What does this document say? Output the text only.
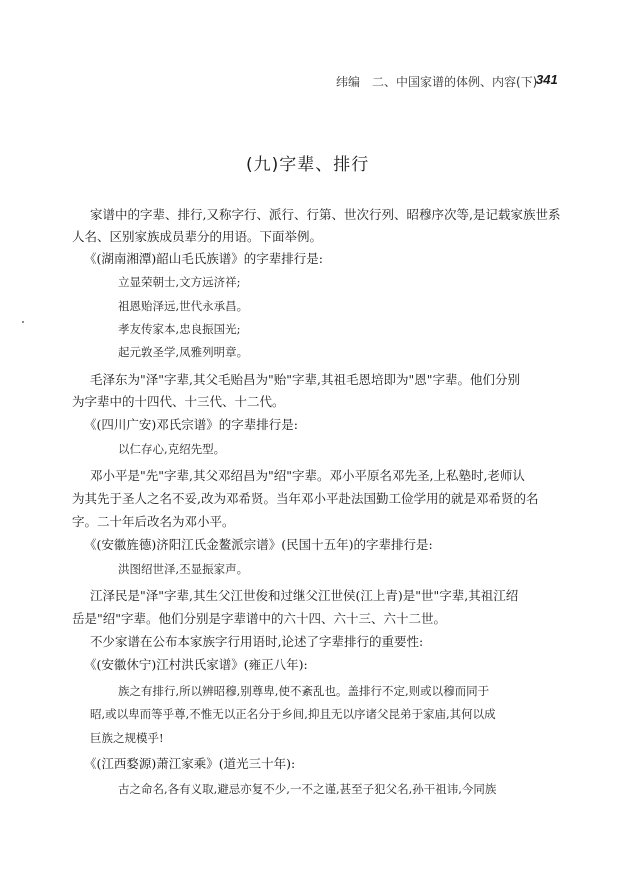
纬编　二、中国家谱的体例、内容(下)
341
(九)字辈、排行
家谱中的字辈、排行,又称字行、派行、行第、世次行列、昭穆序次等,是记载家族世系
人名、区别家族成员辈分的用语。下面举例。
《(湖南湘潭)韶山毛氏族谱》的字辈排行是:
立显荣朝士,文方远济祥;
祖恩贻泽远,世代永承昌。
孝友传家本,忠良振国光;
起元敦圣学,凤雅列明章。
毛泽东为"泽"字辈,其父毛贻昌为"贻"字辈,其祖毛恩培即为"恩"字辈。他们分别
为字辈中的十四代、十三代、十二代。
《(四川广安)邓氏宗谱》的字辈排行是:
以仁存心,克绍先型。
邓小平是"先"字辈,其父邓绍昌为"绍"字辈。邓小平原名邓先圣,上私塾时,老师认
为其先于圣人之名不妥,改为邓希贤。当年邓小平赴法国勤工俭学用的就是邓希贤的名
字。二十年后改名为邓小平。
《(安徽旌德)济阳江氏金鳌派宗谱》(民国十五年)的字辈排行是:
洪图绍世泽,丕显振家声。
江泽民是"泽"字辈,其生父江世俊和过继父江世侯(江上青)是"世"字辈,其祖江绍
岳是"绍"字辈。他们分别是字辈谱中的六十四、六十三、六十二世。
不少家谱在公布本家族字行用语时,论述了字辈排行的重要性:
《(安徽休宁)江村洪氏家谱》(雍正八年):
族之有排行,所以辨昭穆,别尊卑,使不紊乱也。盖排行不定,则或以穆而同于
昭,或以卑而等乎尊,不惟无以正名分于乡间,抑且无以序诸父昆弟于家庙,其何以成
巨族之规模乎!
《(江西婺源)萧江家乘》(道光三十年):
古之命名,各有义取,避忌亦复不少,一不之谨,甚至子犯父名,孙干祖讳,今同族
